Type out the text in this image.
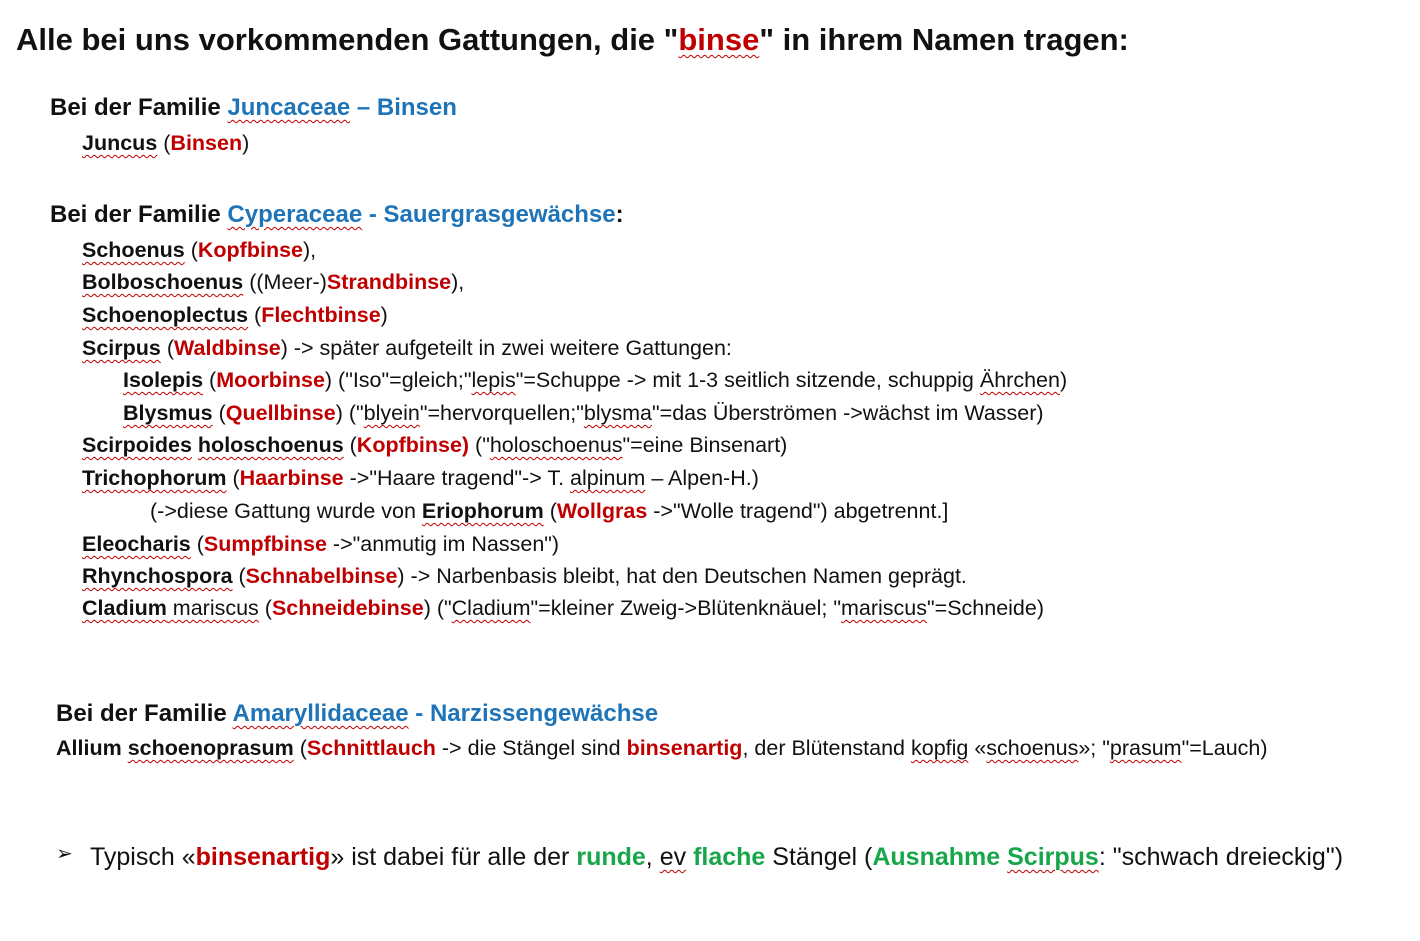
Alle bei uns vorkommenden Gattungen, die "binse" in ihrem Namen tragen:
Bei der Familie Juncaceae – Binsen
Juncus (Binsen)
Bei der Familie Cyperaceae - Sauergrasgewächse:
Schoenus (Kopfbinse),
Bolboschoenus ((Meer-)Strandbinse),
Schoenoplectus (Flechtbinse)
Scirpus (Waldbinse) -> später aufgeteilt in zwei weitere Gattungen:
Isolepis (Moorbinse) ("Iso"=gleich;"lepis"=Schuppe -> mit 1-3 seitlich sitzende, schuppig Ährchen)
Blysmus (Quellbinse) ("blyein"=hervorquellen;"blysma"=das Überströmen ->wächst im Wasser)
Scirpoides holoschoenus (Kopfbinse) ("holoschoenus"=eine Binsenart)
Trichophorum (Haarbinse ->"Haare tragend"-> T. alpinum – Alpen-H.)
(->diese Gattung wurde von Eriophorum (Wollgras ->"Wolle tragend") abgetrennt.]
Eleocharis (Sumpfbinse ->"anmutig im Nassen")
Rhynchospora (Schnabelbinse) -> Narbenbasis bleibt, hat den Deutschen Namen geprägt.
Cladium mariscus (Schneidebinse) ("Cladium"=kleiner Zweig->Blütenknäuel; "mariscus"=Schneide)
Bei der Familie Amaryllidaceae - Narzissengewächse
Allium schoenoprasum (Schnittlauch -> die Stängel sind binsenartig, der Blütenstand kopfig «schoenus»; "prasum"=Lauch)
➢ Typisch «binsenartig» ist dabei für alle der runde, ev flache Stängel (Ausnahme Scirpus: "schwach dreieckig")
